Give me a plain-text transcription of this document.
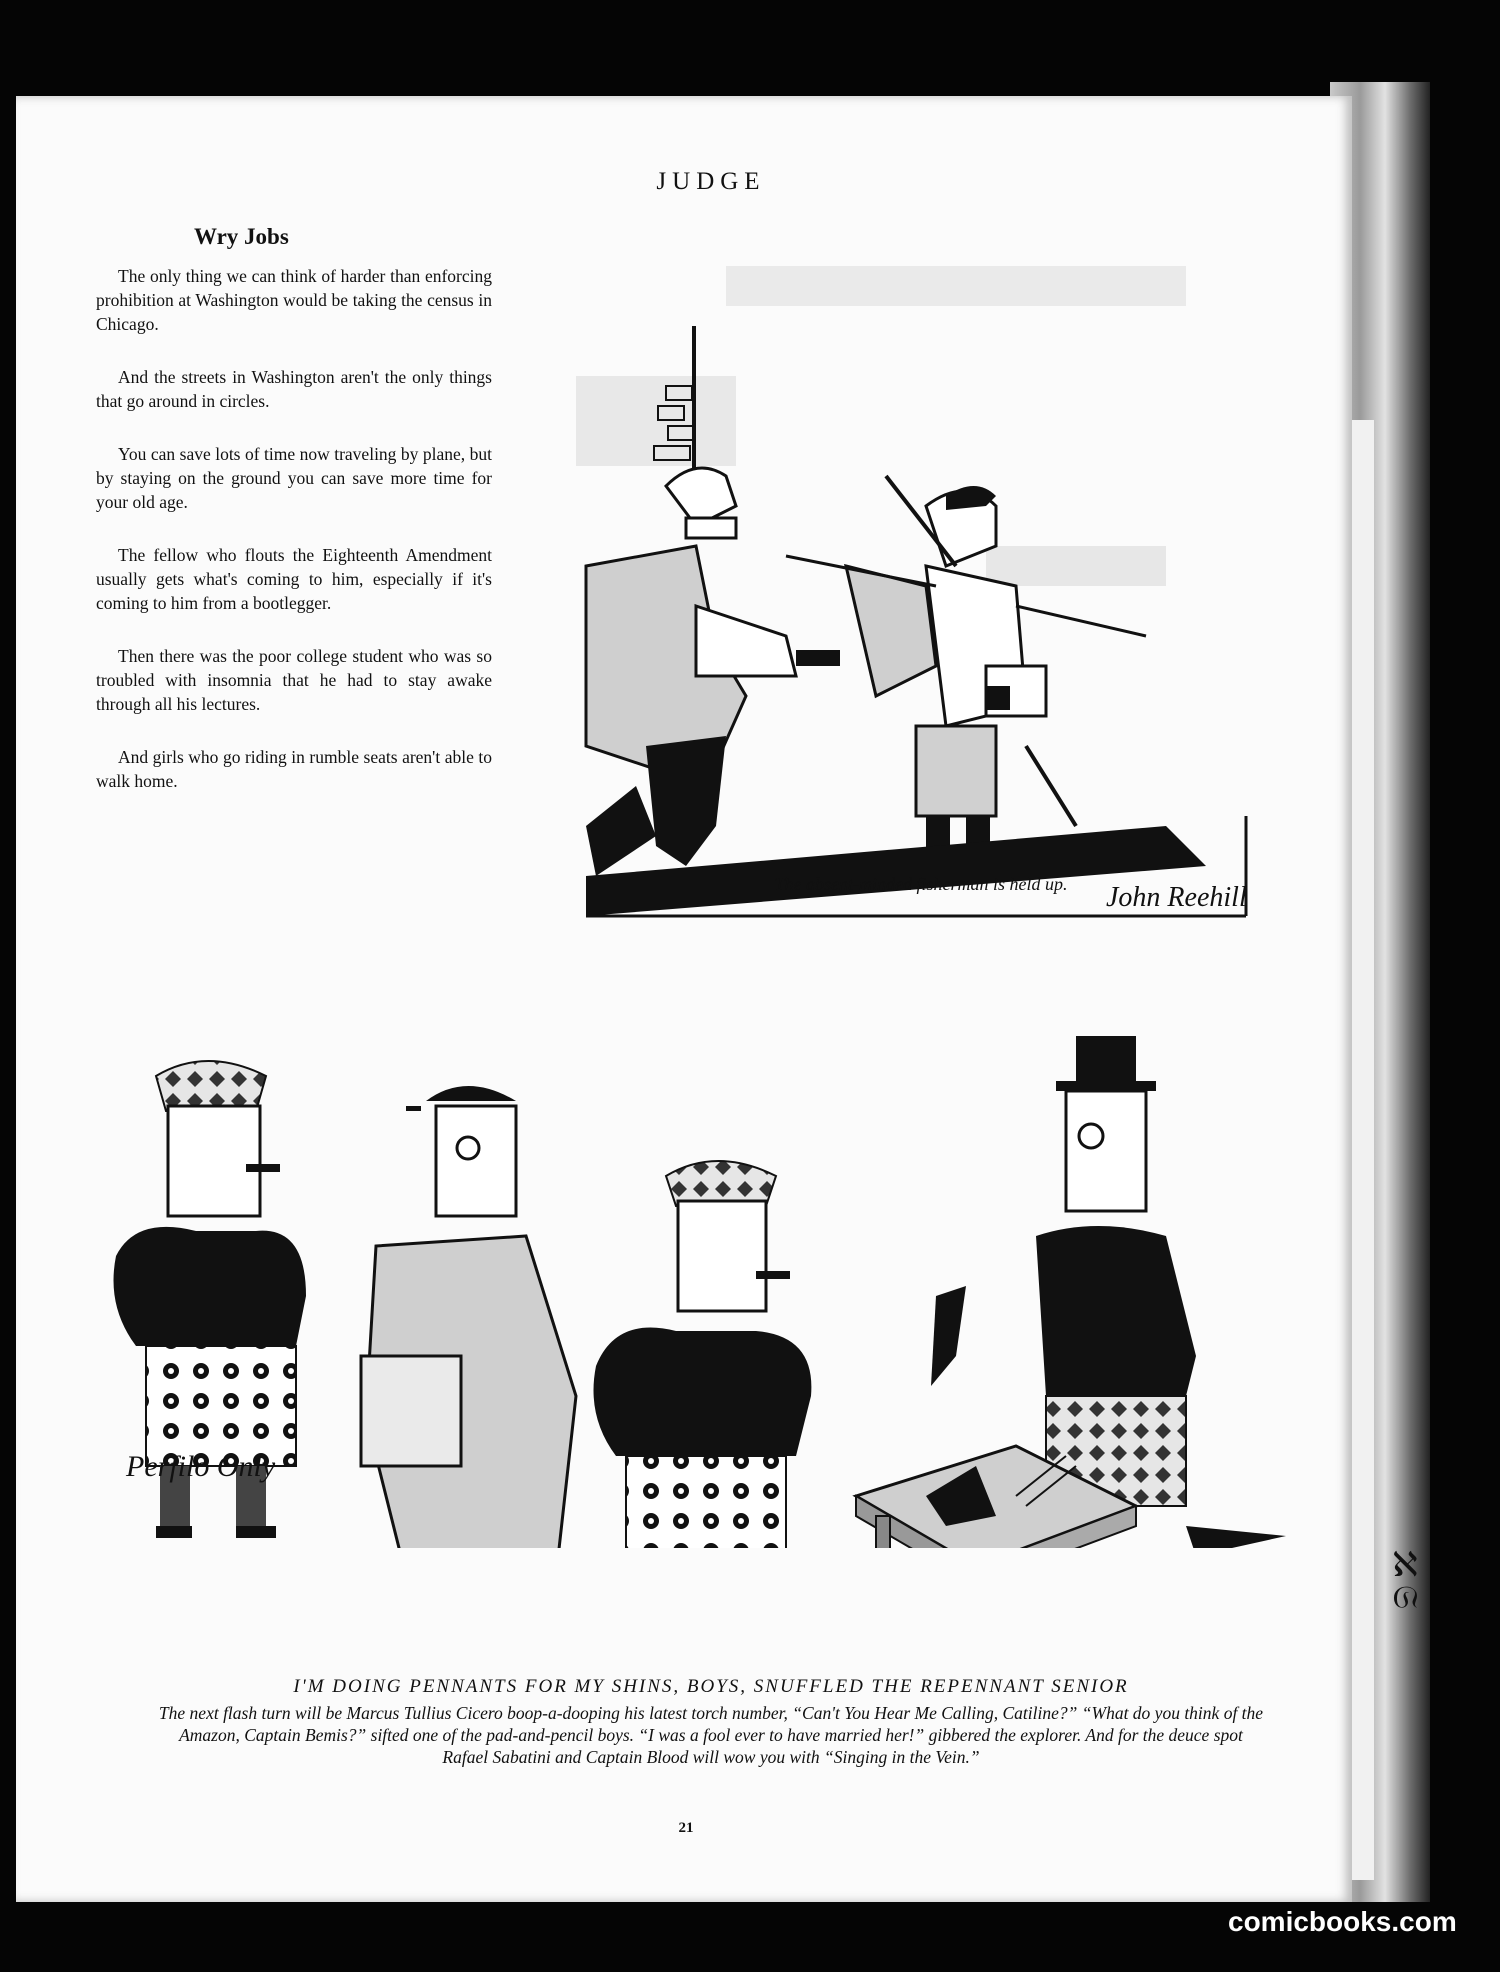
ℵ𝔖
JUDGE
Wry Jobs

The only thing we can think of harder than enforcing prohibition at Washington would be taking the census in Chicago.

And the streets in Washington aren't the only things that go around in circles.

You can save lots of time now traveling by plane, but by staying on the ground you can save more time for your old age.

The fellow who flouts the Eighteenth Amendment usually gets what's coming to him, especially if it's coming to him from a bootlegger.

Then there was the poor college student who was so troubled with insomnia that he had to stay awake through all his lectures.

And girls who go riding in rumble seats aren't able to walk home.

John Reehill
The absent-minded fisherman is held up.
Perfilo Only

I'M DOING PENNANTS FOR MY SHINS, BOYS, SNUFFLED THE REPENNANT SENIOR

The next flash turn will be Marcus Tullius Cicero boop-a-dooping his latest torch number, “Can't You Hear Me Calling, Catiline?” “What do you think of the Amazon, Captain Bemis?” sifted one of the pad-and-pencil boys. “I was a fool ever to have married her!” gibbered the explorer. And for the deuce spot Rafael Sabatini and Captain Blood will wow you with “Singing in the Vein.”

21
comicbooks.com
